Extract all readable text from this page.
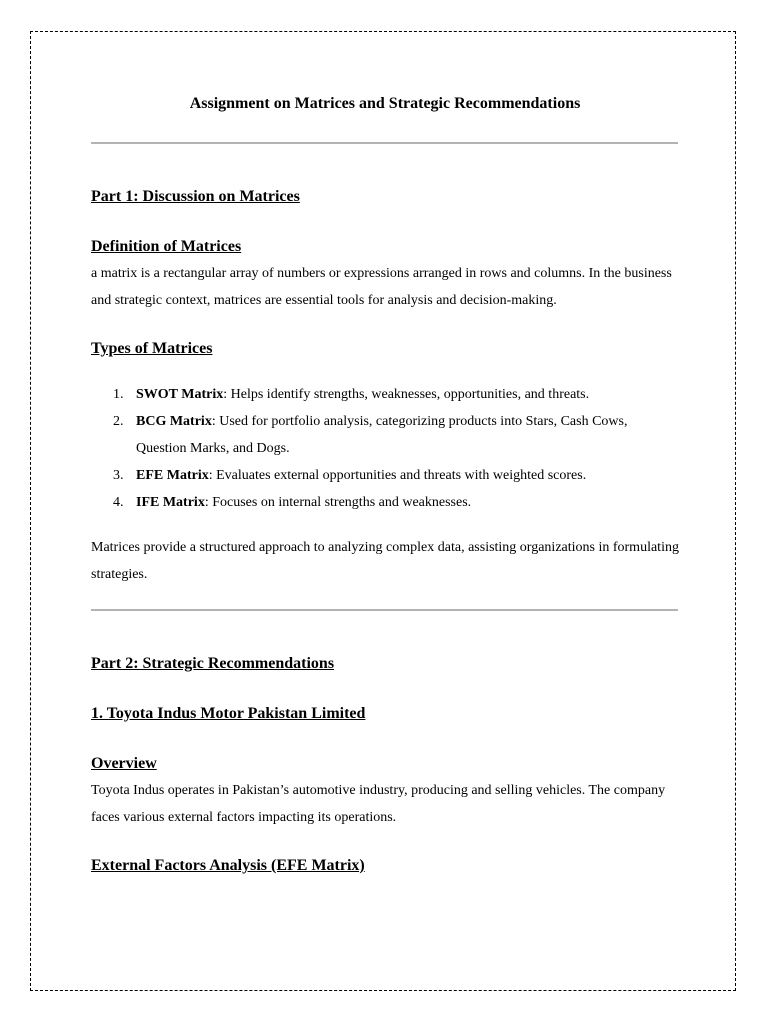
Assignment on Matrices and Strategic Recommendations
Part 1: Discussion on Matrices
Definition of Matrices

a matrix is a rectangular array of numbers or expressions arranged in rows and columns. In the business and strategic context, matrices are essential tools for analysis and decision-making.

Types of Matrices
1. SWOT Matrix: Helps identify strengths, weaknesses, opportunities, and threats.
2. BCG Matrix: Used for portfolio analysis, categorizing products into Stars, Cash Cows, Question Marks, and Dogs.
3. EFE Matrix: Evaluates external opportunities and threats with weighted scores.
4. IFE Matrix: Focuses on internal strengths and weaknesses.

Matrices provide a structured approach to analyzing complex data, assisting organizations in formulating strategies.

Part 2: Strategic Recommendations
1. Toyota Indus Motor Pakistan Limited
Overview

Toyota Indus operates in Pakistan’s automotive industry, producing and selling vehicles. The company faces various external factors impacting its operations.

External Factors Analysis (EFE Matrix)
